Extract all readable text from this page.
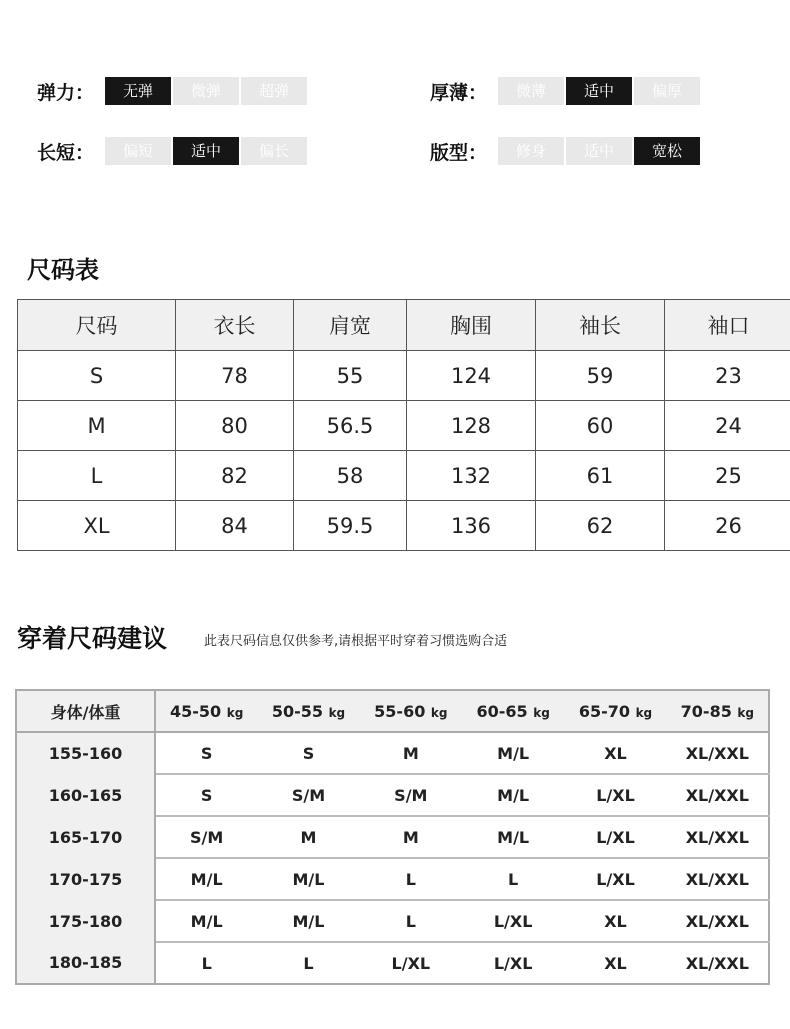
弹力：	无弹	微弹	超弹	厚薄：	微薄	适中	偏厚
长短：	偏短	适中	偏长	版型：	修身	适中	宽松
尺码表
尺码	衣长	肩宽	胸围	袖长	袖口
S	78	55	124	59	23
M	80	56.5	128	60	24
L	82	58	132	61	25
XL	84	59.5	136	62	26
穿着尺码建议	此表尺码信息仅供参考,请根据平时穿着习惯选购合适
身体/体重	45-50 kg	50-55 kg	55-60 kg	60-65 kg	65-70 kg	70-85 kg
155-160	S	S	M	M/L	XL	XL/XXL
160-165	S	S/M	S/M	M/L	L/XL	XL/XXL
165-170	S/M	M	M	M/L	L/XL	XL/XXL
170-175	M/L	M/L	L	L	L/XL	XL/XXL
175-180	M/L	M/L	L	L/XL	XL	XL/XXL
180-185	L	L	L/XL	L/XL	XL	XL/XXL
